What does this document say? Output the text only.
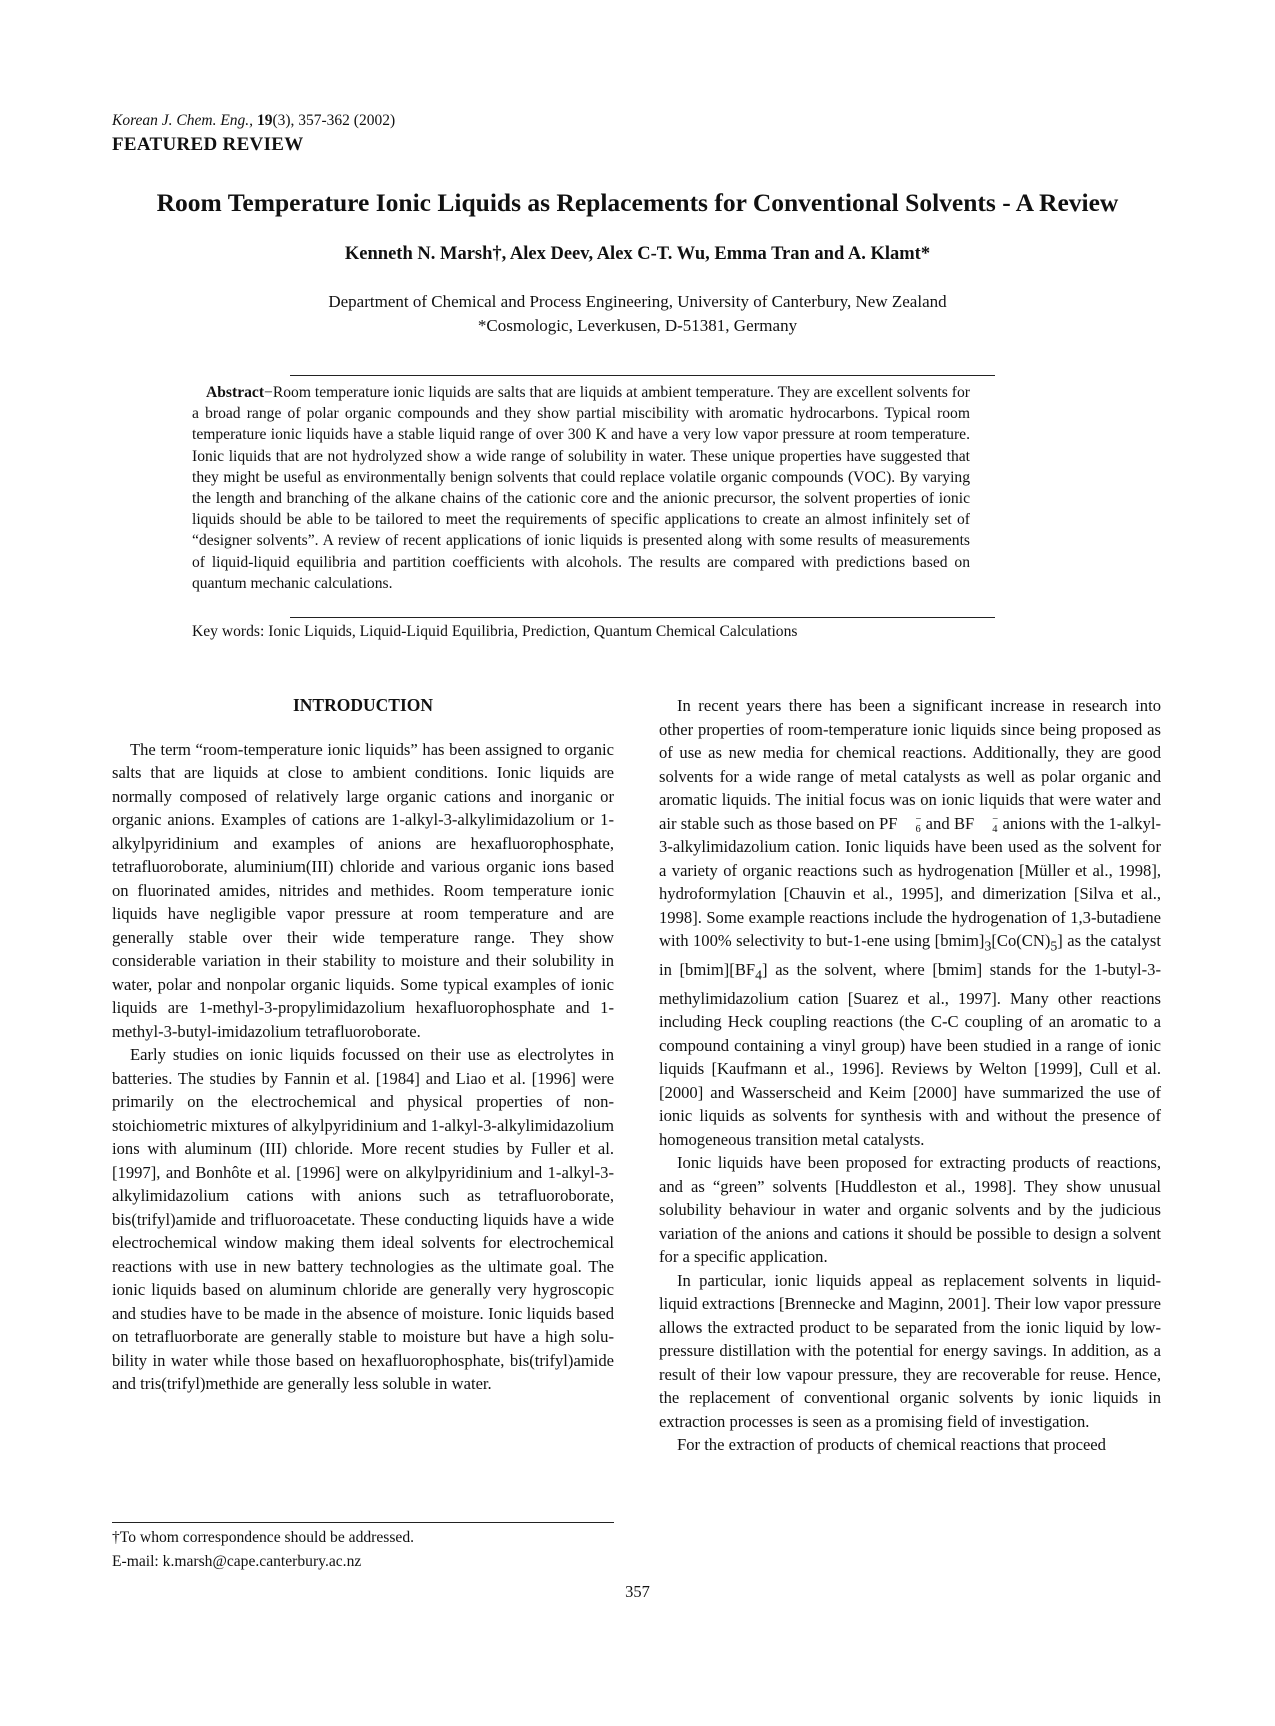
Korean J. Chem. Eng., 19(3), 357-362 (2002)
FEATURED REVIEW
Room Temperature Ionic Liquids as Replacements for Conventional Solvents - A Review
Kenneth N. Marsh†, Alex Deev, Alex C-T. Wu, Emma Tran and A. Klamt*
Department of Chemical and Process Engineering, University of Canterbury, New Zealand
*Cosmologic, Leverkusen, D-51381, Germany
Abstract−Room temperature ionic liquids are salts that are liquids at ambient temperature. They are excellent solvents for a broad range of polar organic compounds and they show partial miscibility with aromatic hydrocarbons. Typical room temperature ionic liquids have a stable liquid range of over 300 K and have a very low vapor pressure at room temperature. Ionic liquids that are not hydrolyzed show a wide range of solubility in water. These unique properties have suggested that they might be useful as environmentally benign solvents that could replace volatile organic compounds (VOC). By varying the length and branching of the alkane chains of the cationic core and the anionic precursor, the solvent properties of ionic liquids should be able to be tailored to meet the requirements of specific applications to create an almost infinitely set of “designer solvents”. A review of recent applications of ionic liquids is presented along with some results of measurements of liquid-liquid equilibria and partition coefficients with alcohols. The results are compared with predictions based on quantum mechanic calculations.
Key words: Ionic Liquids, Liquid-Liquid Equilibria, Prediction, Quantum Chemical Calculations
INTRODUCTION

The term “room-temperature ionic liquids” has been assigned to organic salts that are liquids at close to ambient conditions. Ionic liquids are normally composed of relatively large organic cations and inorganic or organic anions. Examples of cations are 1-alkyl-3-alkylimidazolium or 1-alkylpyridinium and examples of anions are hexafluorophosphate, tetrafluoroborate, aluminium(III) chloride and various organic ions based on fluorinated amides, nitrides and methides. Room temperature ionic liquids have negligible vapor pressure at room temperature and are generally stable over their wide temperature range. They show considerable variation in their stability to moisture and their solubility in water, polar and nonpolar organic liquids. Some typical examples of ionic liquids are 1-methyl-3-propylimidazolium hexafluorophosphate and 1-methyl-3-butyl-imidazolium tetrafluoroborate.

Early studies on ionic liquids focussed on their use as electrolytes in batteries. The studies by Fannin et al. [1984] and Liao et al. [1996] were primarily on the electrochemical and physical properties of non-stoichiometric mixtures of alkylpyridinium and 1-alkyl-3-alkylimidazolium ions with aluminum (III) chloride. More recent studies by Fuller et al. [1997], and Bonhôte et al. [1996] were on alkylpyridinium and 1-alkyl-3-alkylimidazolium cations with anions such as tetrafluoroborate, bis(trifyl)amide and trifluoroacetate. These conducting liquids have a wide electrochemical window making them ideal solvents for electrochemical reactions with use in new battery technologies as the ultimate goal. The ionic liquids based on aluminum chloride are generally very hygroscopic and studies have to be made in the absence of moisture. Ionic liquids based on tetrafluorborate are generally stable to moisture but have a high solubility in water while those based on hexafluorophosphate, bis(trifyl)amide and tris(trifyl)methide are generally less soluble in water.

In recent years there has been a significant increase in research into other properties of room-temperature ionic liquids since being proposed as of use as new media for chemical reactions. Additionally, they are good solvents for a wide range of metal catalysts as well as polar organic and aromatic liquids. The initial focus was on ionic liquids that were water and air stable such as those based on PF	−
6 and BF	−
4 anions with the 1-alkyl-3-alkylimidazolium cation. Ionic liquids have been used as the solvent for a variety of organic reactions such as hydrogenation [Müller et al., 1998], hydroformylation [Chauvin et al., 1995], and dimerization [Silva et al., 1998]. Some example reactions include the hydrogenation of 1,3-butadiene with 100% selectivity to but-1-ene using $[bmim]_3[Co(CN)_5]$ as the catalyst in $[bmim][BF_4]$ as the solvent, where [bmim] stands for the 1-butyl-3-methylimidazolium cation [Suarez et al., 1997]. Many other reactions including Heck coupling reactions (the C-C coupling of an aromatic to a compound containing a vinyl group) have been studied in a range of ionic liquids [Kaufmann et al., 1996]. Reviews by Welton [1999], Cull et al. [2000] and Wasserscheid and Keim [2000] have summarized the use of ionic liquids as solvents for synthesis with and without the presence of homogeneous transition metal catalysts.

Ionic liquids have been proposed for extracting products of reactions, and as “green” solvents [Huddleston et al., 1998]. They show unusual solubility behaviour in water and organic solvents and by the judicious variation of the anions and cations it should be possible to design a solvent for a specific application.

In particular, ionic liquids appeal as replacement solvents in liquid-liquid extractions [Brennecke and Maginn, 2001]. Their low vapor pressure allows the extracted product to be separated from the ionic liquid by low-pressure distillation with the potential for energy savings. In addition, as a result of their low vapour pressure, they are recoverable for reuse. Hence, the replacement of conventional organic solvents by ionic liquids in extraction processes is seen as a promising field of investigation.

For the extraction of products of chemical reactions that proceed

†To whom correspondence should be addressed.
E-mail: k.marsh@cape.canterbury.ac.nz
357
